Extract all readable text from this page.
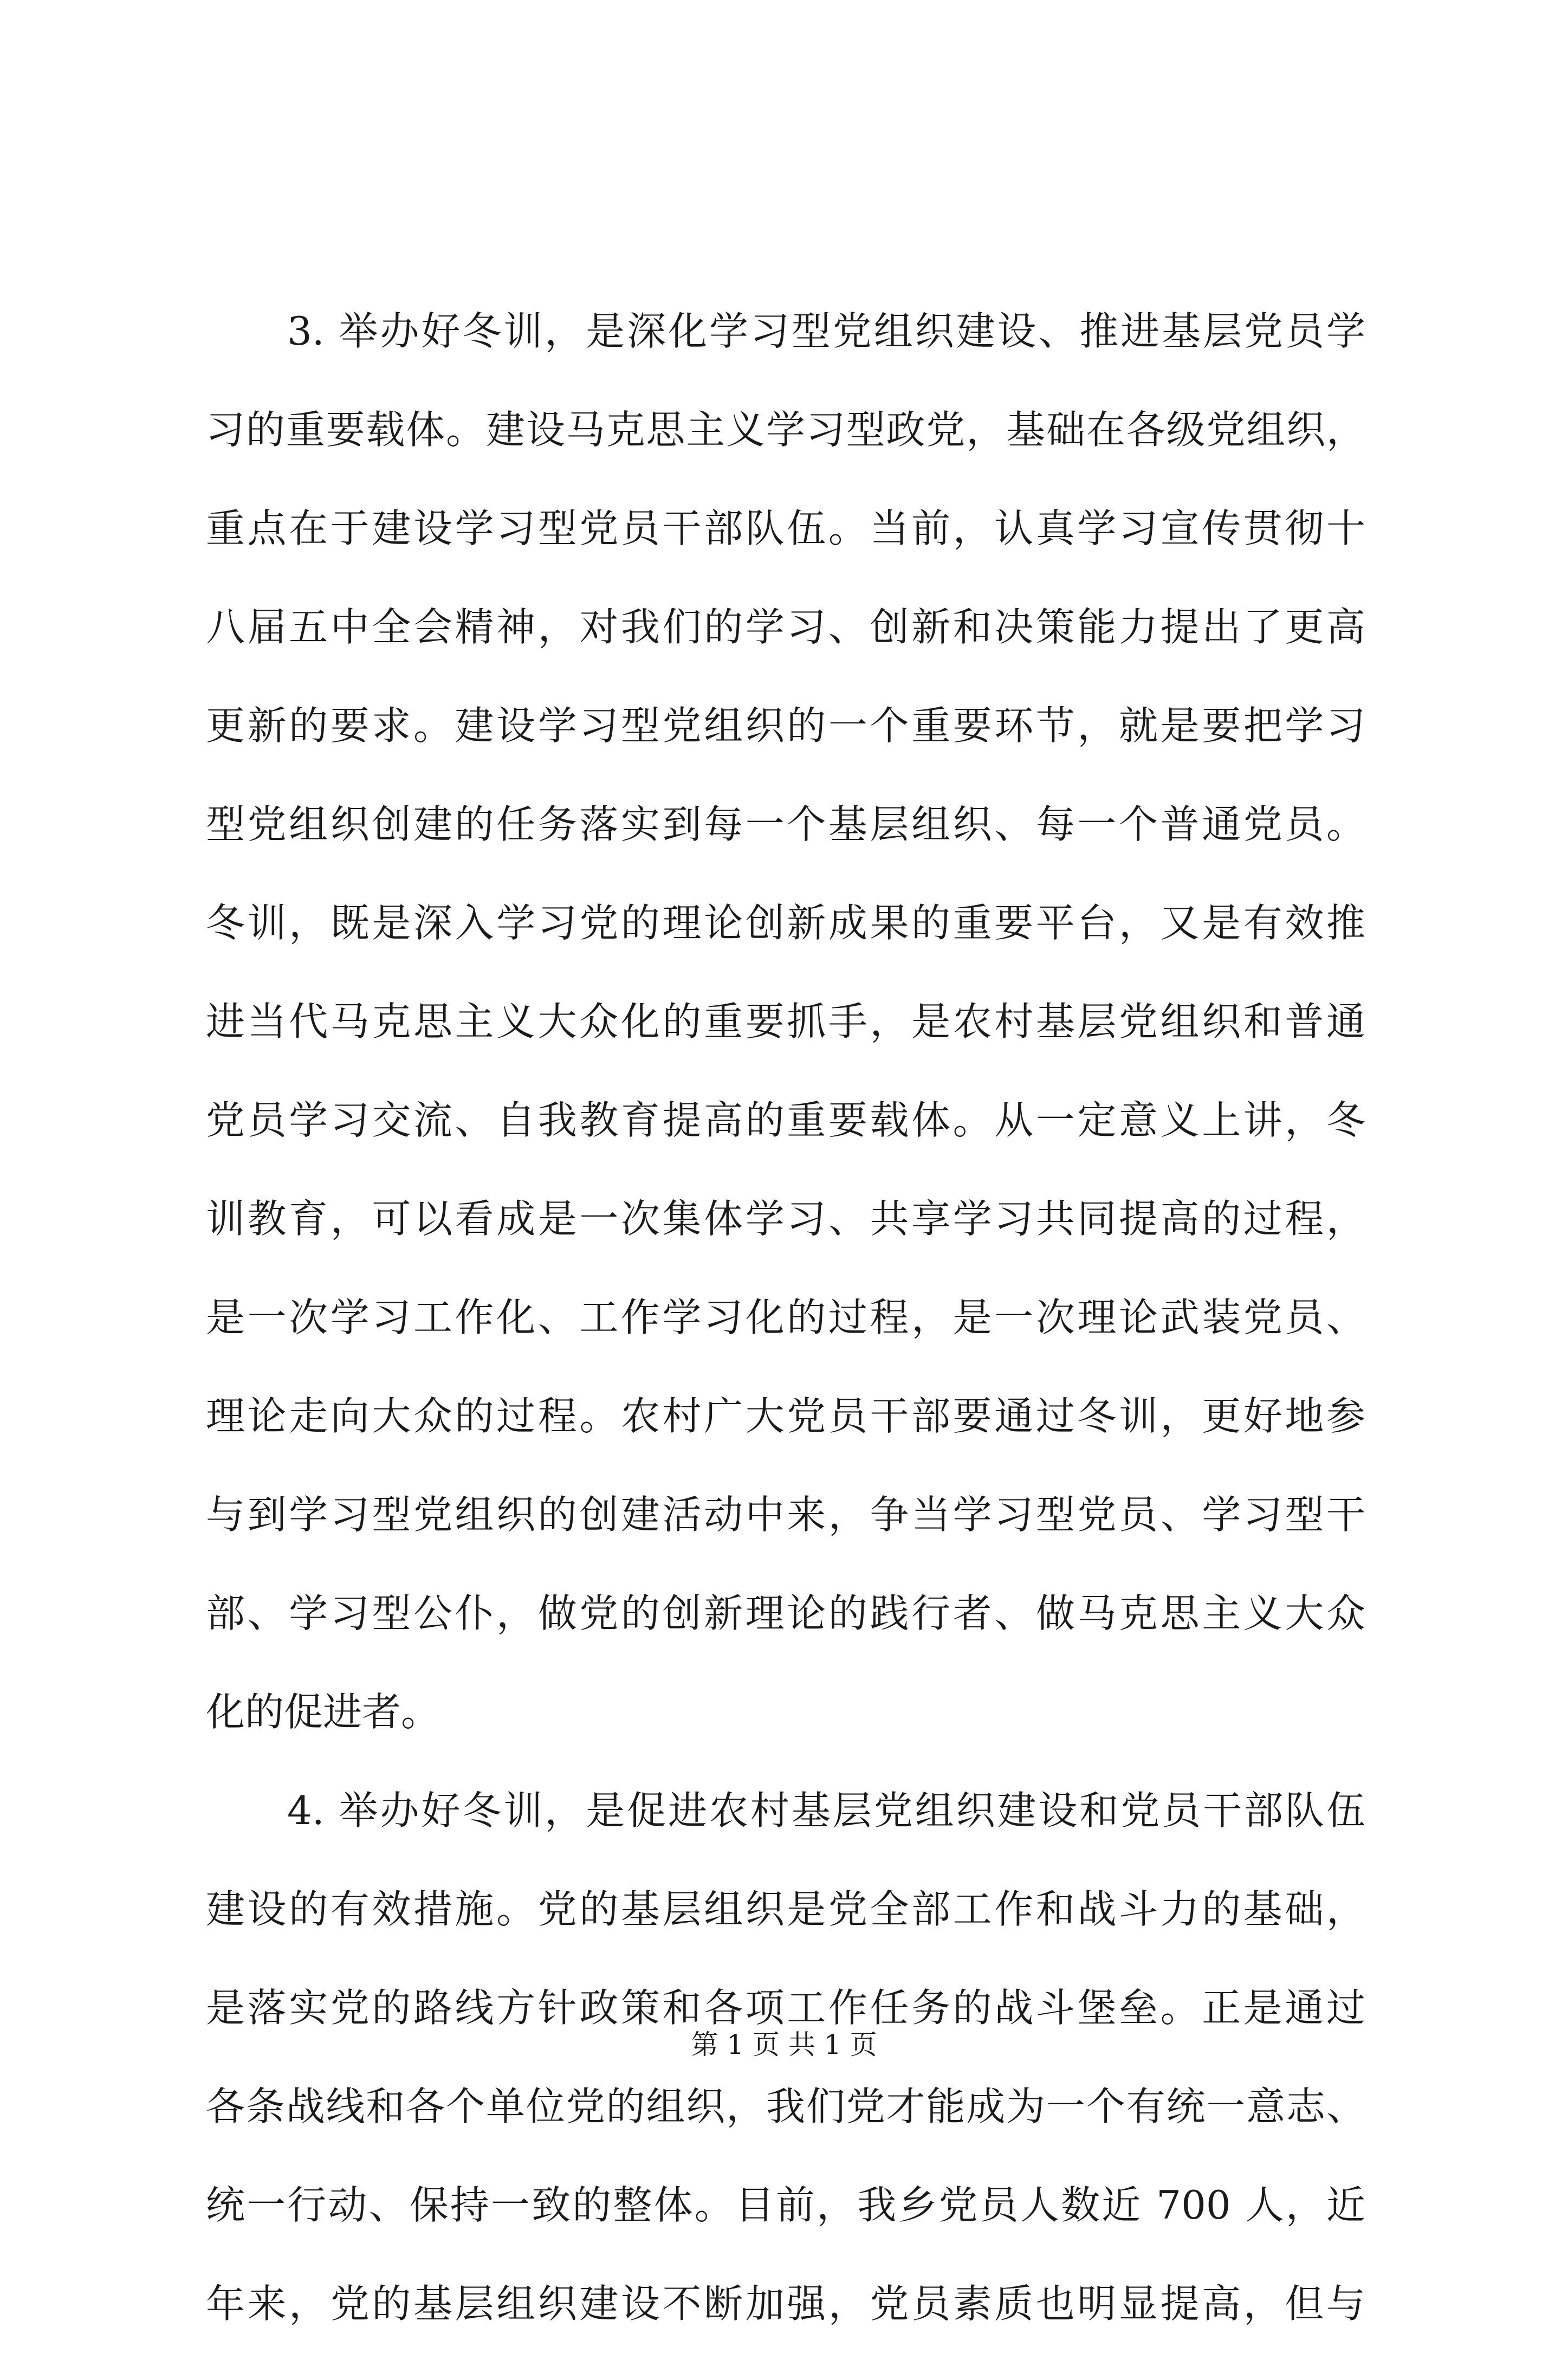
3. 举办好冬训，是深化学习型党组织建设、推进基层党员学
习的重要载体。建设马克思主义学习型政党，基础在各级党组织，
重点在于建设学习型党员干部队伍。当前，认真学习宣传贯彻十
八届五中全会精神，对我们的学习、创新和决策能力提出了更高
更新的要求。建设学习型党组织的一个重要环节，就是要把学习
型党组织创建的任务落实到每一个基层组织、每一个普通党员。
冬训，既是深入学习党的理论创新成果的重要平台，又是有效推
进当代马克思主义大众化的重要抓手，是农村基层党组织和普通
党员学习交流、自我教育提高的重要载体。从一定意义上讲，冬
训教育，可以看成是一次集体学习、共享学习共同提高的过程，
是一次学习工作化、工作学习化的过程，是一次理论武装党员、
理论走向大众的过程。农村广大党员干部要通过冬训，更好地参
与到学习型党组织的创建活动中来，争当学习型党员、学习型干
部、学习型公仆，做党的创新理论的践行者、做马克思主义大众
化的促进者。
4. 举办好冬训，是促进农村基层党组织建设和党员干部队伍
建设的有效措施。党的基层组织是党全部工作和战斗力的基础，
是落实党的路线方针政策和各项工作任务的战斗堡垒。正是通过
各条战线和各个单位党的组织，我们党才能成为一个有统一意志、
统一行动、保持一致的整体。目前，我乡党员人数近 700 人，近
年来，党的基层组织建设不断加强，党员素质也明显提高，但与
第 1 页 共 1 页
